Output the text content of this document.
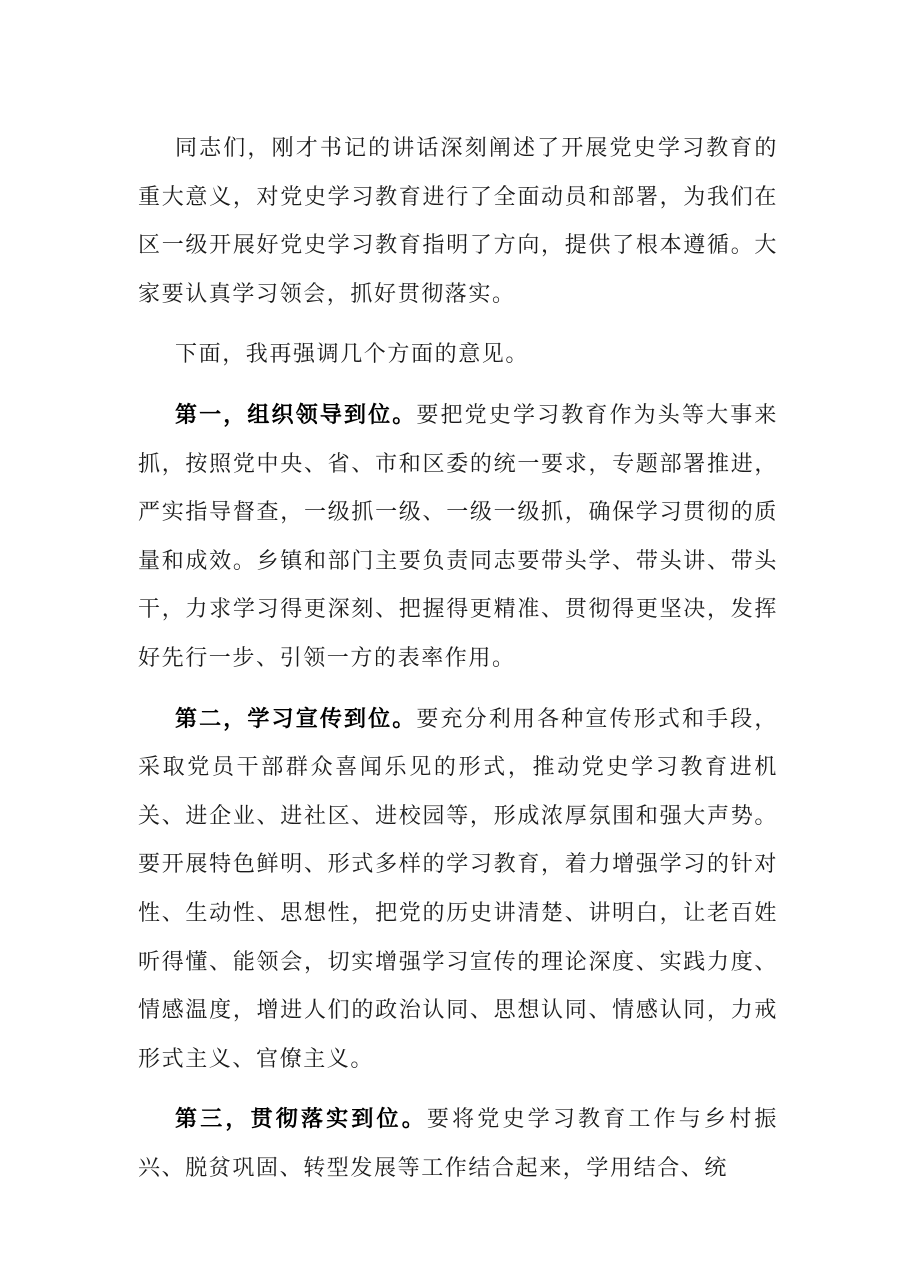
同志们，刚才书记的讲话深刻阐述了开展党史学习教育的重大意义，对党史学习教育进行了全面动员和部署，为我们在区一级开展好党史学习教育指明了方向，提供了根本遵循。大家要认真学习领会，抓好贯彻落实。

下面，我再强调几个方面的意见。

第一，组织领导到位。要把党史学习教育作为头等大事来抓，按照党中央、省、市和区委的统一要求，专题部署推进，严实指导督查，一级抓一级、一级一级抓，确保学习贯彻的质量和成效。乡镇和部门主要负责同志要带头学、带头讲、带头干，力求学习得更深刻、把握得更精准、贯彻得更坚决，发挥好先行一步、引领一方的表率作用。

第二，学习宣传到位。要充分利用各种宣传形式和手段，采取党员干部群众喜闻乐见的形式，推动党史学习教育进机关、进企业、进社区、进校园等，形成浓厚氛围和强大声势。要开展特色鲜明、形式多样的学习教育，着力增强学习的针对性、生动性、思想性，把党的历史讲清楚、讲明白，让老百姓听得懂、能领会，切实增强学习宣传的理论深度、实践力度、情感温度，增进人们的政治认同、思想认同、情感认同，力戒形式主义、官僚主义。

第三，贯彻落实到位。要将党史学习教育工作与乡村振兴、脱贫巩固、转型发展等工作结合起来，学用结合、统
